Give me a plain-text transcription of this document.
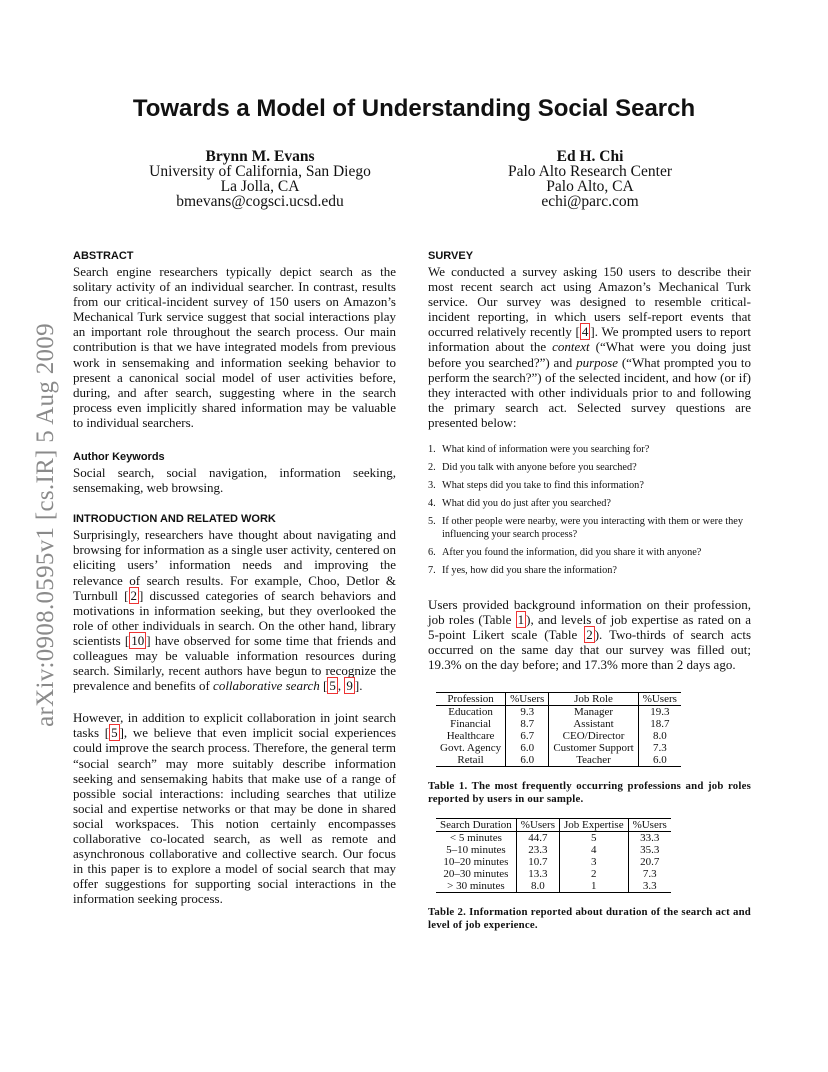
arXiv:0908.0595v1 [cs.IR] 5 Aug 2009
Towards a Model of Understanding Social Search
Brynn M. Evans
University of California, San Diego
La Jolla, CA
bmevans@cogsci.ucsd.edu
Ed H. Chi
Palo Alto Research Center
Palo Alto, CA
echi@parc.com
ABSTRACT

Search engine researchers typically depict search as the solitary activity of an individual searcher. In contrast, results from our critical-incident survey of 150 users on Amazon’s Mechanical Turk service suggest that social interactions play an important role throughout the search process. Our main contribution is that we have integrated models from previous work in sensemaking and information seeking behavior to present a canonical social model of user activities before, during, and after search, suggesting where in the search process even implicitly shared information may be valuable to individual searchers.

Author Keywords

Social search, social navigation, information seeking, sensemaking, web browsing.

INTRODUCTION AND RELATED WORK

Surprisingly, researchers have thought about navigating and browsing for information as a single user activity, centered on eliciting users’ information needs and improving the relevance of search results. For example, Choo, Detlor & Turnbull [ 2 ] discussed categories of search behaviors and motivations in information seeking, but they overlooked the role of other individuals in search. On the other hand, library scientists [ 10 ] have observed for some time that friends and colleagues may be valuable information resources during search. Similarly, recent authors have begun to recognize the prevalence and benefits of collaborative search [ 5 , 9 ].

However, in addition to explicit collaboration in joint search tasks [ 5 ], we believe that even implicit social experiences could improve the search process. Therefore, the general term “social search” may more suitably describe information seeking and sensemaking habits that make use of a range of possible social interactions: including searches that utilize social and expertise networks or that may be done in shared social workspaces. This notion certainly encompasses collaborative co-located search, as well as remote and asynchronous collaborative and collective search. Our focus in this paper is to explore a model of social search that may offer suggestions for supporting social interactions in the information seeking process.

SURVEY

We conducted a survey asking 150 users to describe their most recent search act using Amazon’s Mechanical Turk service. Our survey was designed to resemble critical-incident reporting, in which users self-report events that occurred relatively recently [ 4 ]. We prompted users to report information about the context (“What were you doing just before you searched?”) and purpose (“What prompted you to perform the search?”) of the selected incident, and how (or if) they interacted with other individuals prior to and following the primary search act. Selected survey questions are presented below:

1. What kind of information were you searching for?
2. Did you talk with anyone before you searched?
3. What steps did you take to find this information?
4. What did you do just after you searched?
5. If other people were nearby, were you interacting with them or were they influencing your search process?
6. After you found the information, did you share it with anyone?
7. If yes, how did you share the information?

Users provided background information on their profession, job roles (Table 1 ), and levels of job expertise as rated on a 5-point Likert scale (Table 2 ). Two-thirds of search acts occurred on the same day that our survey was filled out; 19.3% on the day before; and 17.3% more than 2 days ago.

Profession	%Users	Job Role	%Users
Education	9.3	Manager	19.3
Financial	8.7	Assistant	18.7
Healthcare	6.7	CEO/Director	8.0
Govt. Agency	6.0	Customer Support	7.3
Retail	6.0	Teacher	6.0
Table 1. The most frequently occurring professions and job roles reported by users in our sample.
Search Duration	%Users	Job Expertise	%Users
< 5 minutes	44.7	5	33.3
5–10 minutes	23.3	4	35.3
10–20 minutes	10.7	3	20.7
20–30 minutes	13.3	2	7.3
> 30 minutes	8.0	1	3.3
Table 2. Information reported about duration of the search act and level of job experience.
